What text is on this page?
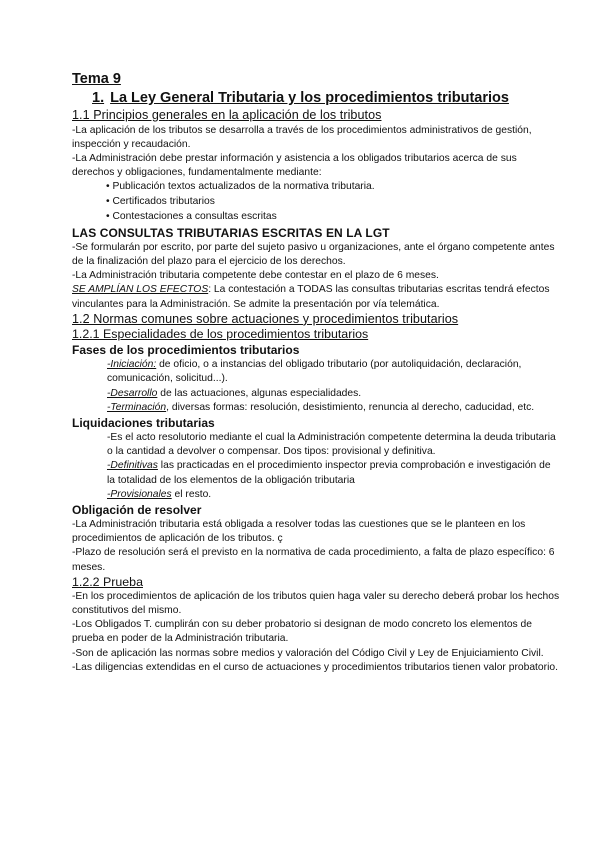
Tema 9

1. La Ley General Tributaria y los procedimientos tributarios

1.1 Principios generales en la aplicación de los tributos

-La aplicación de los tributos se desarrolla a través de los procedimientos administrativos de gestión, inspección y recaudación.

-La Administración debe prestar información y asistencia a los obligados tributarios acerca de sus derechos y obligaciones, fundamentalmente mediante:

• Publicación textos actualizados de la normativa tributaria.
• Certificados tributarios
• Contestaciones a consultas escritas

LAS CONSULTAS TRIBUTARIAS ESCRITAS EN LA LGT

-Se formularán por escrito, por parte del sujeto pasivo u organizaciones, ante el órgano competente antes de la finalización del plazo para el ejercicio de los derechos.

-La Administración tributaria competente debe contestar en el plazo de 6 meses.

SE AMPLÍAN LOS EFECTOS: La contestación a TODAS las consultas tributarias escritas tendrá efectos vinculantes para la Administración. Se admite la presentación por vía telemática.

1.2 Normas comunes sobre actuaciones y procedimientos tributarios

1.2.1 Especialidades de los procedimientos tributarios

Fases de los procedimientos tributarios

-Iniciación: de oficio, o a instancias del obligado tributario (por autoliquidación, declaración, comunicación, solicitud...).

-Desarrollo de las actuaciones, algunas especialidades.

-Terminación, diversas formas: resolución, desistimiento, renuncia al derecho, caducidad, etc.

Liquidaciones tributarias

-Es el acto resolutorio mediante el cual la Administración competente determina la deuda tributaria o la cantidad a devolver o compensar. Dos tipos: provisional y definitiva.

-Definitivas las practicadas en el procedimiento inspector previa comprobación e investigación de la totalidad de los elementos de la obligación tributaria

-Provisionales el resto.

Obligación de resolver

-La Administración tributaria está obligada a resolver todas las cuestiones que se le planteen en los procedimientos de aplicación de los tributos. ç

-Plazo de resolución será el previsto en la normativa de cada procedimiento, a falta de plazo específico: 6 meses.

1.2.2 Prueba

-En los procedimientos de aplicación de los tributos quien haga valer su derecho deberá probar los hechos constitutivos del mismo.

-Los Obligados T. cumplirán con su deber probatorio si designan de modo concreto los elementos de prueba en poder de la Administración tributaria.

-Son de aplicación las normas sobre medios y valoración del Código Civil y Ley de Enjuiciamiento Civil.

-Las diligencias extendidas en el curso de actuaciones y procedimientos tributarios tienen valor probatorio.
